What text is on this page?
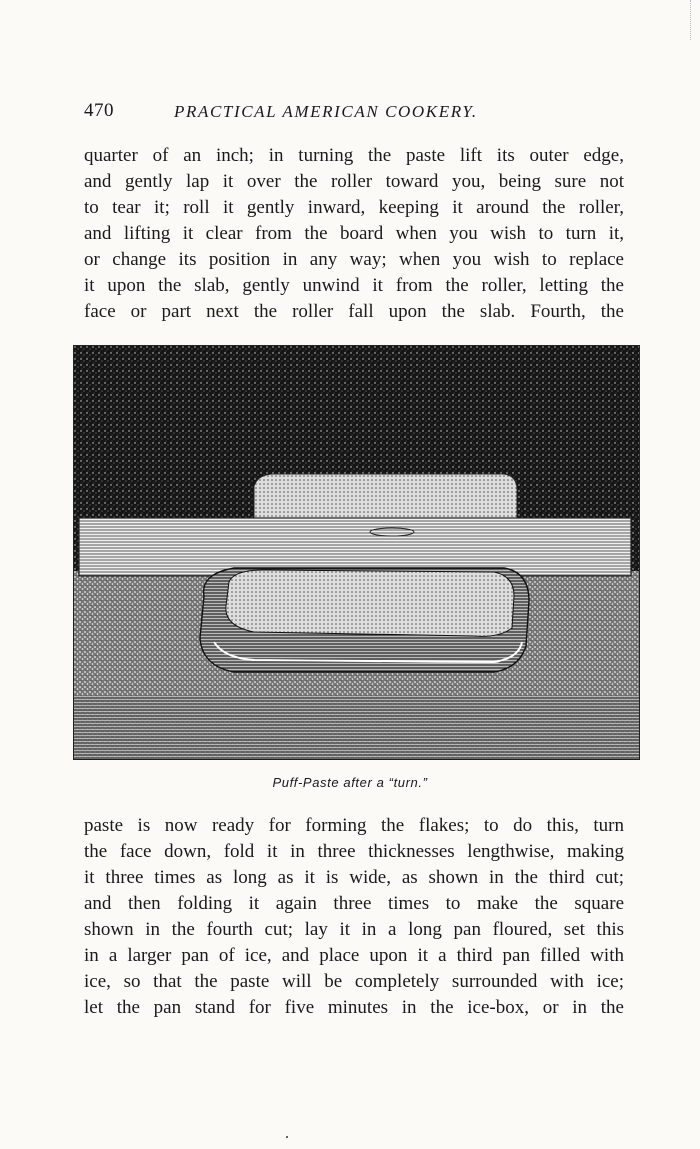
470	PRACTICAL AMERICAN COOKERY.
quarter of an inch; in turning the paste lift its outer edge,
and gently lap it over the roller toward you, being sure not
to tear it; roll it gently inward, keeping it around the roller,
and lifting it clear from the board when you wish to turn it,
or change its position in any way; when you wish to replace
it upon the slab, gently unwind it from the roller, letting the
face or part next the roller fall upon the slab. Fourth, the
Puff-Paste after a “turn.”
paste is now ready for forming the flakes; to do this, turn
the face down, fold it in three thicknesses lengthwise, making
it three times as long as it is wide, as shown in the third cut;
and then folding it again three times to make the square
shown in the fourth cut; lay it in a long pan floured, set this
in a larger pan of ice, and place upon it a third pan filled with
ice, so that the paste will be completely surrounded with ice;
let the pan stand for five minutes in the ice-box, or in the
